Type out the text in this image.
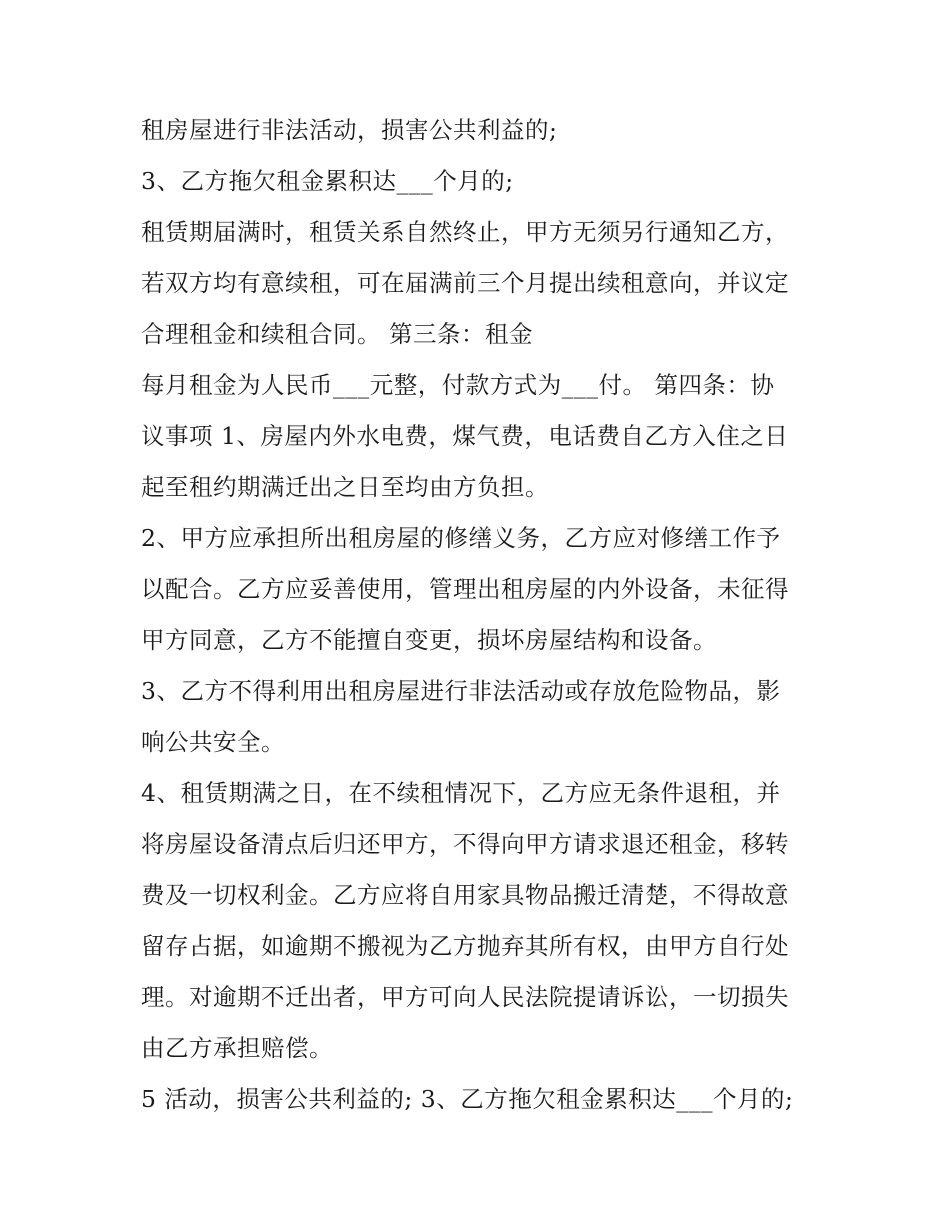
租房屋进行非法活动，损害公共利益的;
3、乙方拖欠租金累积达___个月的;
租赁期届满时，租赁关系自然终止，甲方无须另行通知乙方，
若双方均有意续租，可在届满前三个月提出续租意向，并议定
合理租金和续租合同。 第三条：租金
每月租金为人民币___元整，付款方式为___付。 第四条：协
议事项 1、房屋内外水电费，煤气费，电话费自乙方入住之日
起至租约期满迁出之日至均由方负担。
2、甲方应承担所出租房屋的修缮义务，乙方应对修缮工作予
以配合。乙方应妥善使用，管理出租房屋的内外设备，未征得
甲方同意，乙方不能擅自变更，损坏房屋结构和设备。
3、乙方不得利用出租房屋进行非法活动或存放危险物品，影
响公共安全。
4、租赁期满之日，在不续租情况下，乙方应无条件退租，并
将房屋设备清点后归还甲方，不得向甲方请求退还租金，移转
费及一切权利金。乙方应将自用家具物品搬迁清楚，不得故意
留存占据，如逾期不搬视为乙方抛弃其所有权，由甲方自行处
理。对逾期不迁出者，甲方可向人民法院提请诉讼，一切损失
由乙方承担赔偿。
5 活动，损害公共利益的; 3、乙方拖欠租金累积达___个月的;
